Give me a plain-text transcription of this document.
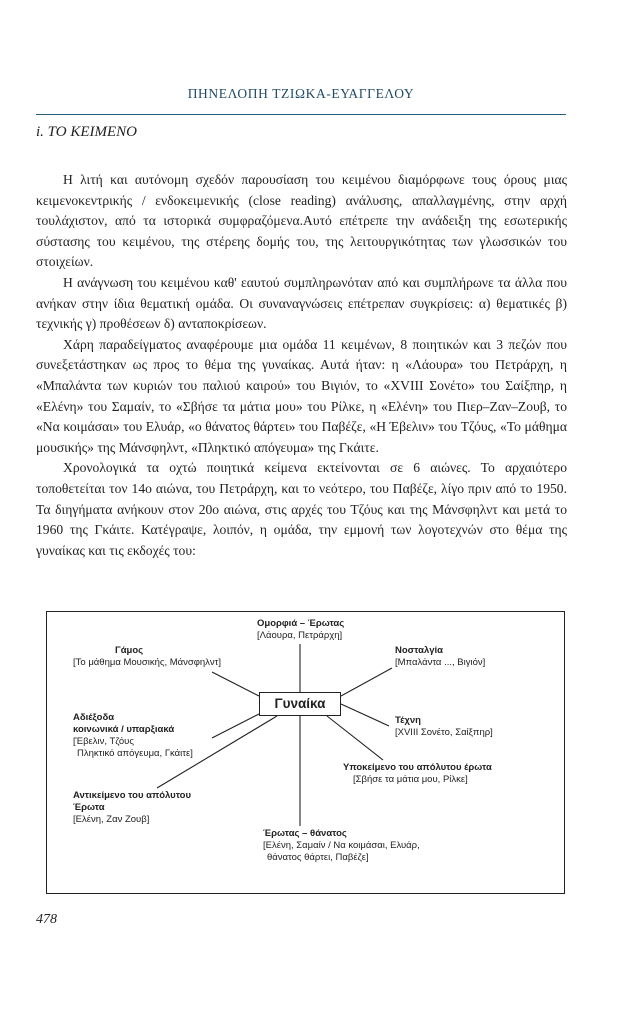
ΠΗΝΕΛΟΠΗ ΤΖΙΩΚΑ-ΕΥΑΓΓΕΛΟΥ
i. ΤΟ ΚΕΙΜΕΝΟ

Η λιτή και αυτόνομη σχεδόν παρουσίαση του κειμένου διαμόρφωνε τους όρους μιας κειμενοκεντρικής / ενδοκειμενικής (close reading) ανάλυσης, απαλλαγμένης, στην αρχή τουλάχιστον, από τα ιστορικά συμφραζόμενα.Αυτό επέτρεπε την ανάδειξη της εσωτερικής σύστασης του κειμένου, της στέρεης δομής του, της λειτουργικότητας των γλωσσικών του στοιχείων.

Η ανάγνωση του κειμένου καθ' εαυτού συμπληρωνόταν από και συμπλήρωνε τα άλλα που ανήκαν στην ίδια θεματική ομάδα. Οι συναναγνώσεις επέτρεπαν συγκρίσεις: α) θεματικές β) τεχνικής γ) προθέσεων δ) ανταποκρίσεων.

Χάρη παραδείγματος αναφέρουμε μια ομάδα 11 κειμένων, 8 ποιητικών και 3 πεζών που συνεξετάστηκαν ως προς το θέμα της γυναίκας. Αυτά ήταν: η «Λάουρα» του Πετράρχη, η «Μπαλάντα των κυριών του παλιού καιρού» του Βιγιόν, το «XVIII Σονέτο» του Σαίξπηρ, η «Ελένη» του Σαμαίν, το «Σβήσε τα μάτια μου» του Ρίλκε, η «Ελένη» του Πιερ–Ζαν–Ζουβ, το «Να κοιμάσαι» του Ελυάρ, «ο θάνατος θάρτει» του Παβέζε, «Η Έβελιν» του Τζόυς, «Το μάθημα μουσικής» της Μάνσφηλντ, «Πληκτικό απόγευμα» της Γκάιτε.

Χρονολογικά τα οχτώ ποιητικά κείμενα εκτείνονται σε 6 αιώνες. Το αρχαιότερο τοποθετείται τον 14ο αιώνα, του Πετράρχη, και το νεότερο, του Παβέζε, λίγο πριν από το 1950. Τα διηγήματα ανήκουν στον 20ο αιώνα, στις αρχές του Τζόυς και της Μάνσφηλντ και μετά το 1960 της Γκάιτε. Κατέγραψε, λοιπόν, η ομάδα, την εμμονή των λογοτεχνών στο θέμα της γυναίκας και τις εκδοχές του:

Γυναίκα
Ομορφιά – Έρωτας
[Λάουρα, Πετράρχη]
Γάμος
[Το μάθημα Μουσικής, Μάνσφηλντ]
Νοσταλγία
[Μπαλάντα ..., Βιγιόν]
Αδιέξοδα
κοινωνικά / υπαρξιακά
[Έβελιν, Τζόυς
Πληκτικό απόγευμα, Γκάιτε]
Τέχνη
[XVIII Σονέτο, Σαίξπηρ]
Υποκείμενο του απόλυτου έρωτα
[Σβήσε τα μάτια μου, Ρίλκε]
Αντικείμενο του απόλυτου
Έρωτα
[Ελένη, Ζαν Ζουβ]
Έρωτας – θάνατος
[Ελένη, Σαμαίν / Να κοιμάσαι, Ελυάρ,
θάνατος θάρτει, Παβέζε]
478
